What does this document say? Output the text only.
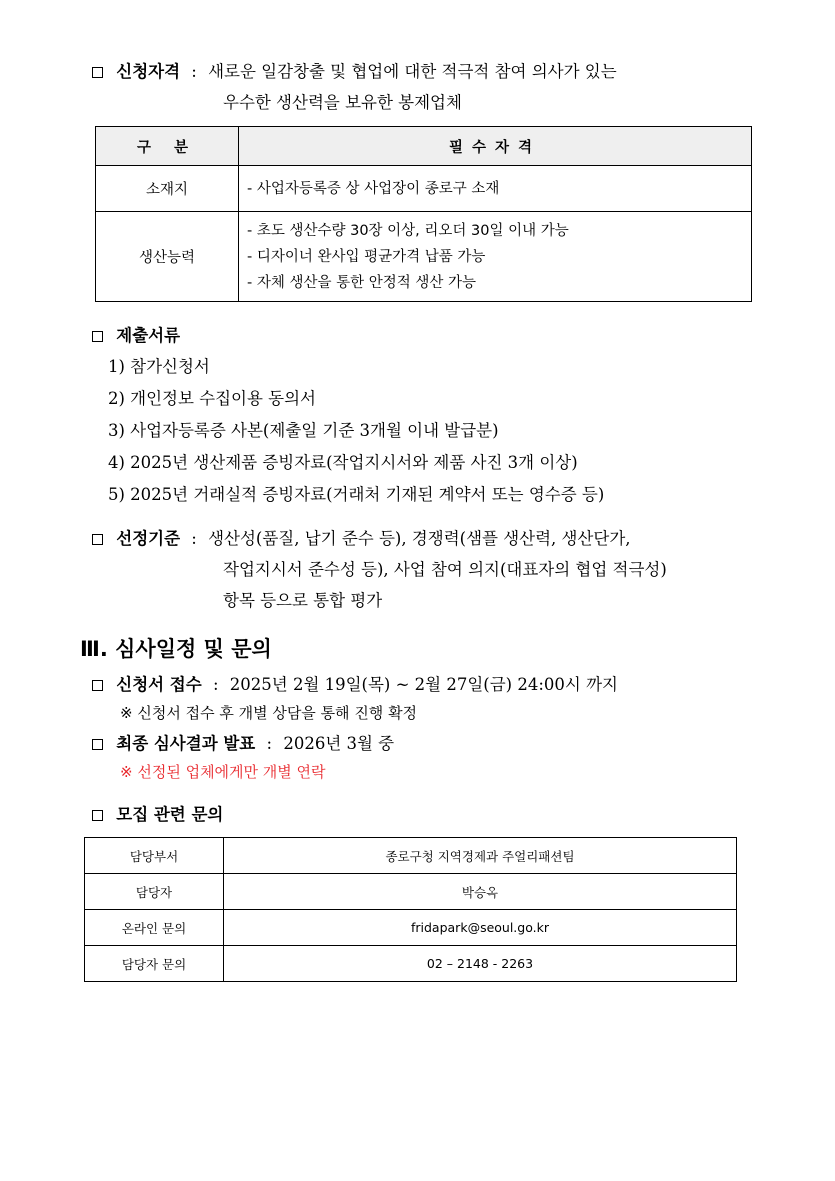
신청자격 : 새로운 일감창출 및 협업에 대한 적극적 참여 의사가 있는
우수한 생산력을 보유한 봉제업체
구 분	필수자격
소재지	- 사업자등록증 상 사업장이 종로구 소재

생산능력	- 초도 생산수량 30장 이상, 리오더 30일 이내 가능
- 디자이너 완사입 평균가격 납품 가능
- 자체 생산을 통한 안정적 생산 가능
제출서류
1) 참가신청서
2) 개인정보 수집이용 동의서
3) 사업자등록증 사본(제출일 기준 3개월 이내 발급분)
4) 2025년 생산제품 증빙자료(작업지시서와 제품 사진 3개 이상)
5) 2025년 거래실적 증빙자료(거래처 기재된 계약서 또는 영수증 등)
선정기준 : 생산성(품질, 납기 준수 등), 경쟁력(샘플 생산력, 생산단가,
작업지시서 준수성 등), 사업 참여 의지(대표자의 협업 적극성)
항목 등으로 통합 평가
Ⅲ. 심사일정 및 문의
신청서 접수 : 2025년 2월 19일(목) ~ 2월 27일(금) 24:00시 까지
※ 신청서 접수 후 개별 상담을 통해 진행 확정
최종 심사결과 발표 : 2026년 3월 중
※ 선정된 업체에게만 개별 연락
모집 관련 문의
담당부서	종로구청 지역경제과 주얼리패션팀
담당자	박승옥
온라인 문의	fridapark@seoul.go.kr
담당자 문의	02 – 2148 - 2263
